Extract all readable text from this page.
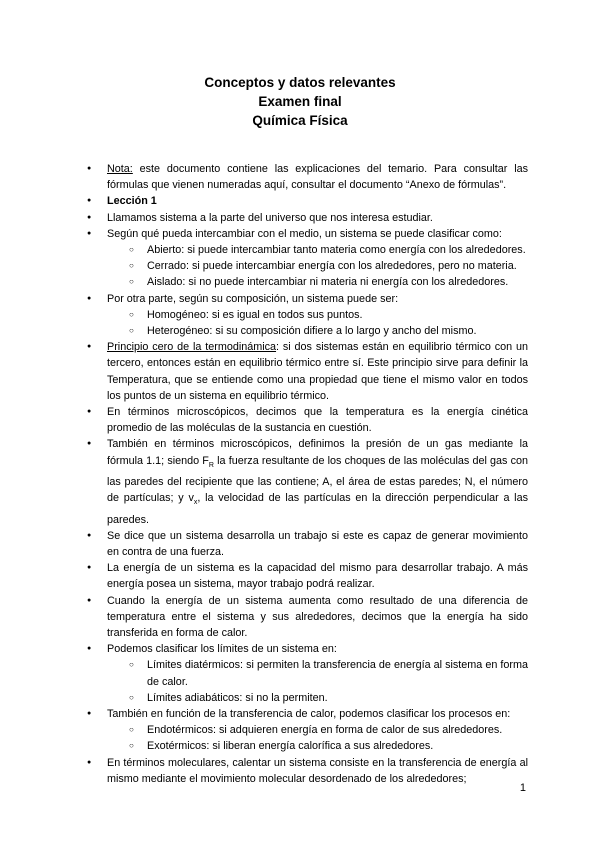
Conceptos y datos relevantes
Examen final
Química Física
● Nota: este documento contiene las explicaciones del temario. Para consultar las fórmulas que vienen numeradas aquí, consultar el documento “Anexo de fórmulas”.
● Lección 1
● Llamamos sistema a la parte del universo que nos interesa estudiar.
● Según qué pueda intercambiar con el medio, un sistema se puede clasificar como:
○ Abierto: si puede intercambiar tanto materia como energía con los alrededores.
○ Cerrado: si puede intercambiar energía con los alrededores, pero no materia.
○ Aislado: si no puede intercambiar ni materia ni energía con los alrededores.
● Por otra parte, según su composición, un sistema puede ser:
○ Homogéneo: si es igual en todos sus puntos.
○ Heterogéneo: si su composición difiere a lo largo y ancho del mismo.
● Principio cero de la termodinámica: si dos sistemas están en equilibrio térmico con un tercero, entonces están en equilibrio térmico entre sí. Este principio sirve para definir la Temperatura, que se entiende como una propiedad que tiene el mismo valor en todos los puntos de un sistema en equilibrio térmico.
● En términos microscópicos, decimos que la temperatura es la energía cinética promedio de las moléculas de la sustancia en cuestión.
● También en términos microscópicos, definimos la presión de un gas mediante la fórmula 1.1; siendo $F_R$ la fuerza resultante de los choques de las moléculas del gas con las paredes del recipiente que las contiene; A, el área de estas paredes; N, el número de partículas; y $v_x$, la velocidad de las partículas en la dirección perpendicular a las paredes.
● Se dice que un sistema desarrolla un trabajo si este es capaz de generar movimiento en contra de una fuerza.
● La energía de un sistema es la capacidad del mismo para desarrollar trabajo. A más energía posea un sistema, mayor trabajo podrá realizar.
● Cuando la energía de un sistema aumenta como resultado de una diferencia de temperatura entre el sistema y sus alrededores, decimos que la energía ha sido transferida en forma de calor.
● Podemos clasificar los límites de un sistema en:
○ Límites diatérmicos: si permiten la transferencia de energía al sistema en forma de calor.
○ Límites adiabáticos: si no la permiten.
● También en función de la transferencia de calor, podemos clasificar los procesos en:
○ Endotérmicos: si adquieren energía en forma de calor de sus alrededores.
○ Exotérmicos: si liberan energía calorífica a sus alrededores.
● En términos moleculares, calentar un sistema consiste en la transferencia de energía al mismo mediante el movimiento molecular desordenado de los alrededores;
1
